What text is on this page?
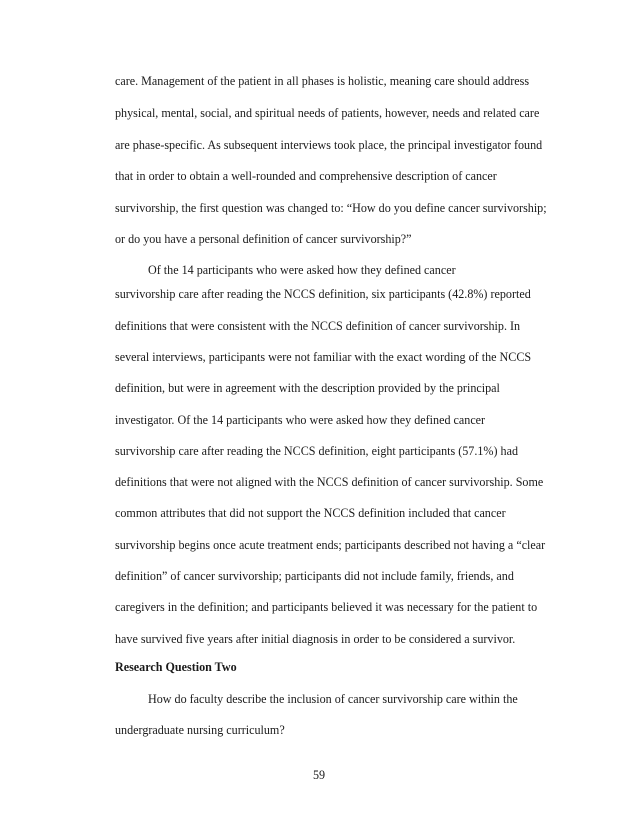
care. Management of the patient in all phases is holistic, meaning care should address
physical, mental, social, and spiritual needs of patients, however, needs and related care
are phase-specific. As subsequent interviews took place, the principal investigator found
that in order to obtain a well-rounded and comprehensive description of cancer
survivorship, the first question was changed to: “How do you define cancer survivorship;
or do you have a personal definition of cancer survivorship?”
Of the 14 participants who were asked how they defined cancer
survivorship care after reading the NCCS definition, six participants (42.8%) reported
definitions that were consistent with the NCCS definition of cancer survivorship. In
several interviews, participants were not familiar with the exact wording of the NCCS
definition, but were in agreement with the description provided by the principal
investigator. Of the 14 participants who were asked how they defined cancer
survivorship care after reading the NCCS definition, eight participants (57.1%) had
definitions that were not aligned with the NCCS definition of cancer survivorship. Some
common attributes that did not support the NCCS definition included that cancer
survivorship begins once acute treatment ends; participants described not having a “clear
definition” of cancer survivorship; participants did not include family, friends, and
caregivers in the definition; and participants believed it was necessary for the patient to
have survived five years after initial diagnosis in order to be considered a survivor.
Research Question Two
How do faculty describe the inclusion of cancer survivorship care within the
undergraduate nursing curriculum?
59
